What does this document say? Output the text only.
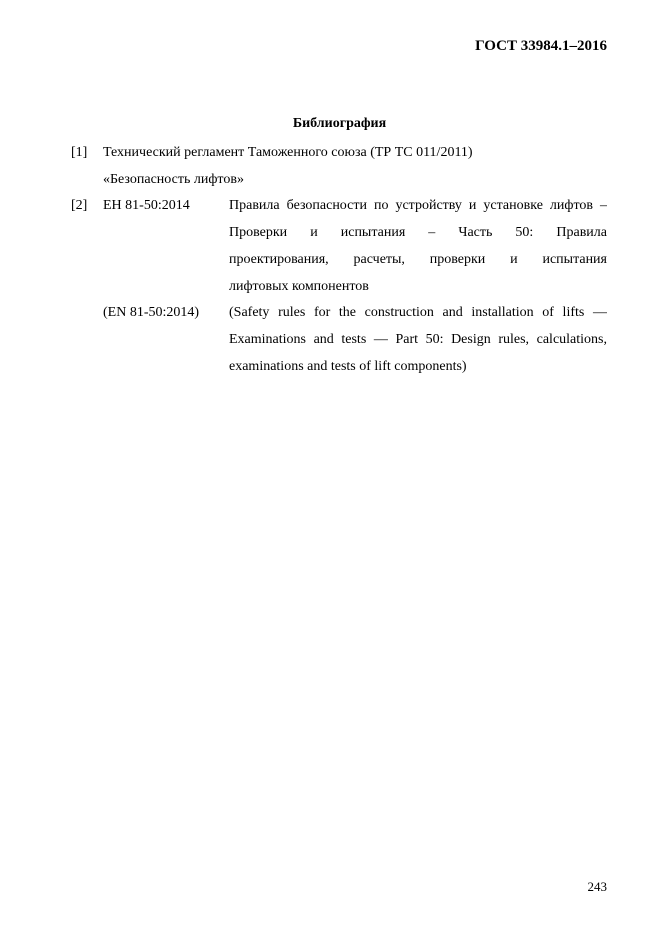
ГОСТ 33984.1–2016
Библиография
[1] Технический регламент Таможенного союза (ТР ТС 011/2011)
«Безопасность лифтов»
[2] ЕН 81-50:2014	Правила безопасности по устройству и установке лифтов –
Проверки и испытания – Часть 50: Правила
проектирования, расчеты, проверки и испытания
лифтовых компонентов
(EN 81-50:2014) (Safety rules for the construction and installation of lifts —
Examinations and tests — Part 50: Design rules, calculations,
examinations and tests of lift components)
243
